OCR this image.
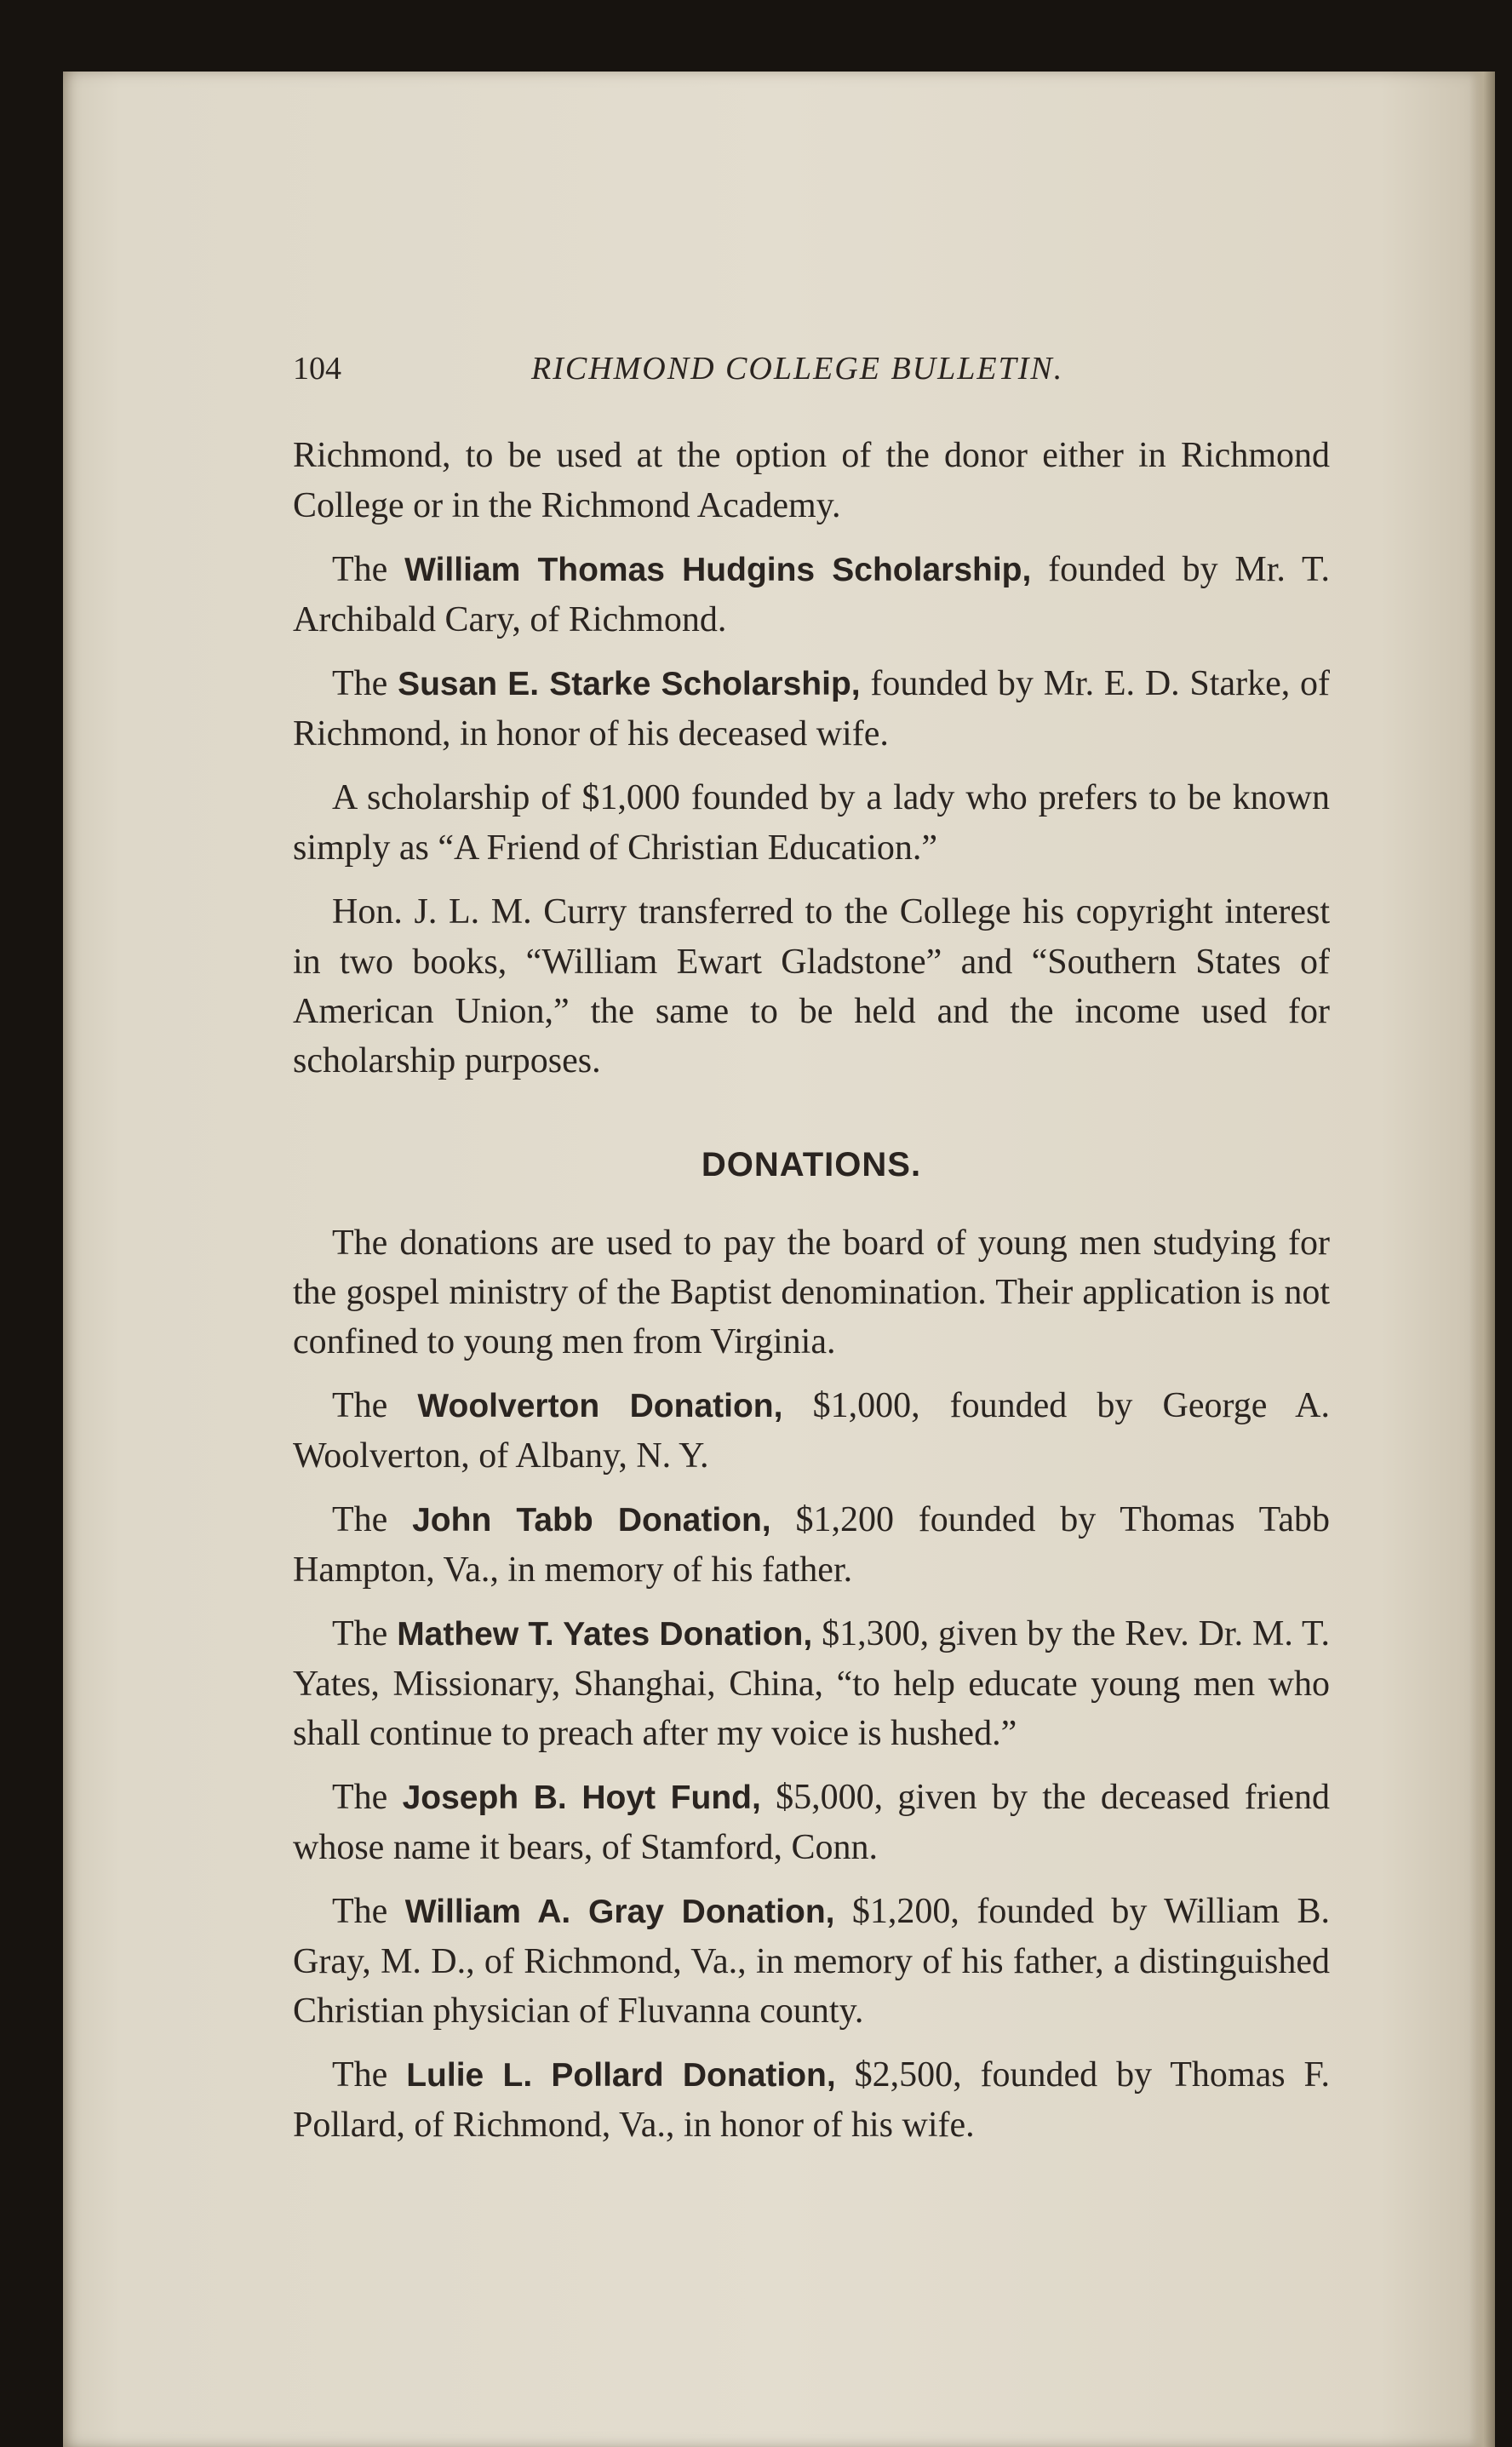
104	RICHMOND COLLEGE BULLETIN.

Richmond, to be used at the option of the donor either in Richmond College or in the Richmond Academy.

The William Thomas Hudgins Scholarship, founded by Mr. T. Archibald Cary, of Richmond.

The Susan E. Starke Scholarship, founded by Mr. E. D. Starke, of Richmond, in honor of his deceased wife.

A scholarship of $1,000 founded by a lady who prefers to be known simply as “A Friend of Christian Education.”

Hon. J. L. M. Curry transferred to the College his copyright interest in two books, “William Ewart Gladstone” and “Southern States of American Union,” the same to be held and the income used for scholarship purposes.

DONATIONS.

The donations are used to pay the board of young men studying for the gospel ministry of the Baptist denomination. Their application is not confined to young men from Virginia.

The Woolverton Donation, $1,000, founded by George A. Woolverton, of Albany, N. Y.

The John Tabb Donation, $1,200 founded by Thomas Tabb Hampton, Va., in memory of his father.

The Mathew T. Yates Donation, $1,300, given by the Rev. Dr. M. T. Yates, Missionary, Shanghai, China, “to help educate young men who shall continue to preach after my voice is hushed.”

The Joseph B. Hoyt Fund, $5,000, given by the deceased friend whose name it bears, of Stamford, Conn.

The William A. Gray Donation, $1,200, founded by William B. Gray, M. D., of Richmond, Va., in memory of his father, a distinguished Christian physician of Fluvanna county.

The Lulie L. Pollard Donation, $2,500, founded by Thomas F. Pollard, of Richmond, Va., in honor of his wife.
